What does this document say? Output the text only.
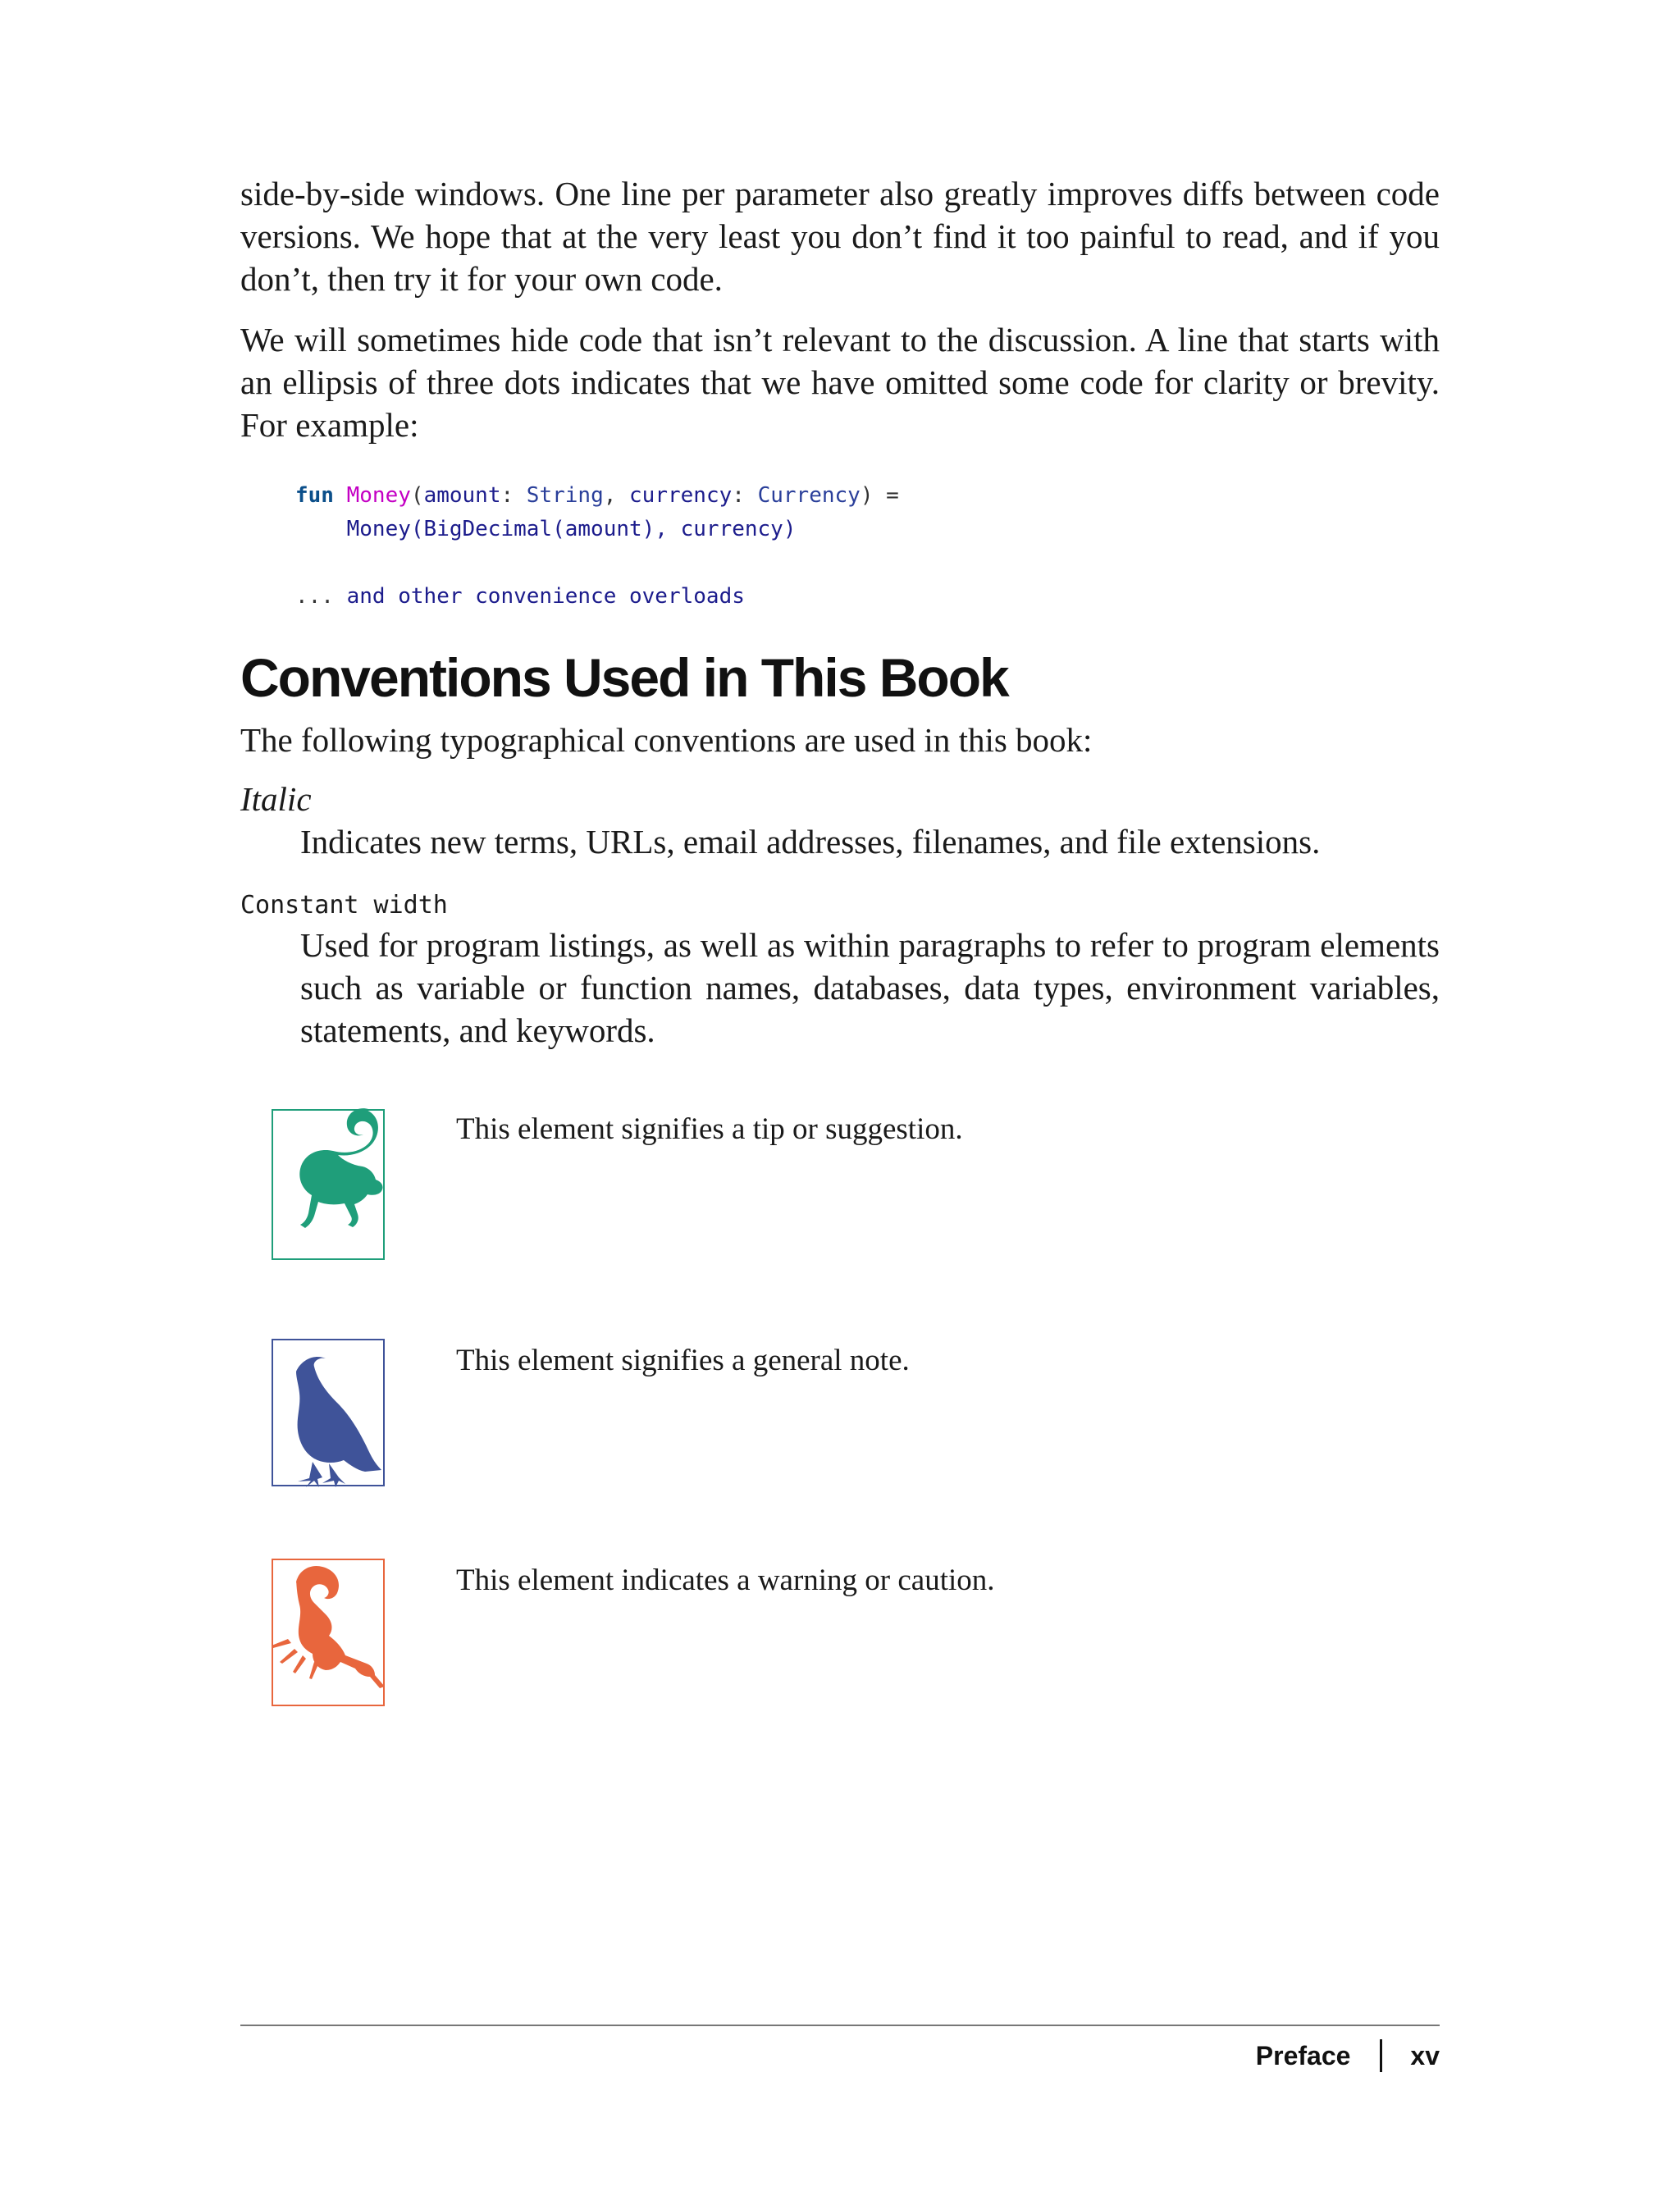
side-by-side windows. One line per parameter also greatly improves diffs between code versions. We hope that at the very least you don’t find it too painful to read, and if you don’t, then try it for your own code.

We will sometimes hide code that isn’t relevant to the discussion. A line that starts with an ellipsis of three dots indicates that we have omitted some code for clarity or brevity. For example:

fun Money(amount: String, currency: Currency) =
Money(BigDecimal(amount), currency)
... and other convenience overloads
Conventions Used in This Book
The following typographical conventions are used in this book:
Italic
Indicates new terms, URLs, email addresses, filenames, and file extensions.
Constant width
Used for program listings, as well as within paragraphs to refer to program elements such as variable or function names, databases, data types, environment variables, statements, and keywords.
This element signifies a tip or suggestion.
This element signifies a general note.
This element indicates a warning or caution.
Preface xv
